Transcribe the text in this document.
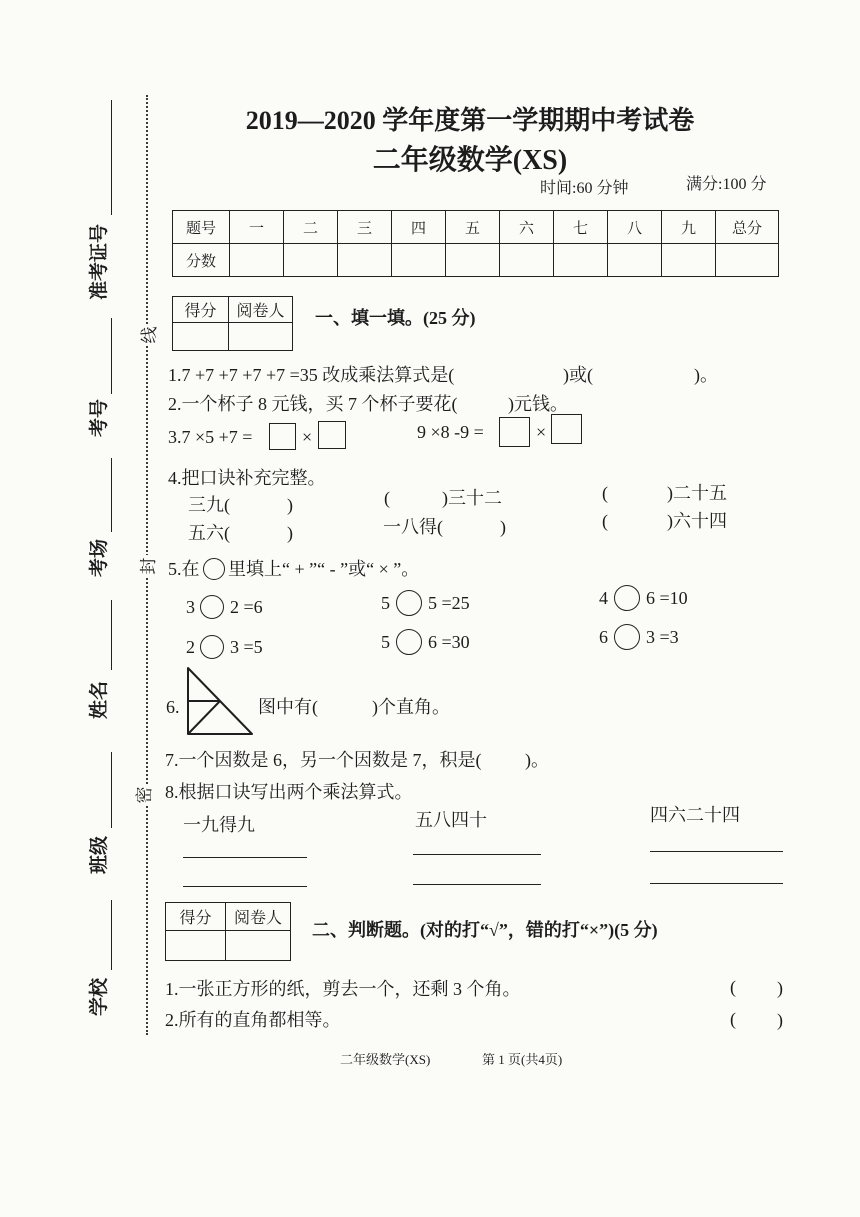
准考证号
考号
考场
姓名
班级
学校
线
封
密
2019—2020 学年度第一学期期中考试卷
二年级数学(XS)
时间:60 分钟	满分:100 分
题号	一	二	三	四	五	六	七	八	九	总分
分数										
得分	阅卷人
	一、填一填。(25 分)
1.7 +7 +7 +7 +7 =35 改成乘法算式是(	)或(	)。
2.一个杯子 8 元钱，买 7 个杯子要花(	)元钱。
3.7 ×5 +7 =	×	9 ×8 -9 =	×
4.把口诀补充完整。
三九(	)	(	)三十二	(	)二十五
五六(	)	一八得(	)	(	)六十四
5.在 里填上“ + ”“ - ”或“ × ”。
3 2 =6	5 5 =25	4 6 =10
2 3 =5	5 6 =30	6 3 =3
6.	图中有(	)个直角。
7.一个因数是 6，另一个因数是 7，积是( )。
8.根据口诀写出两个乘法算式。
一九得九	五八四十	四六二十四
得分	阅卷人

二、判断题。(对的打“√”，错的打“×”)(5 分)
1.一张正方形的纸，剪去一个，还剩 3 个角。	( )
2.所有的直角都相等。	( )
二年级数学(XS)	第 1 页(共4页)
